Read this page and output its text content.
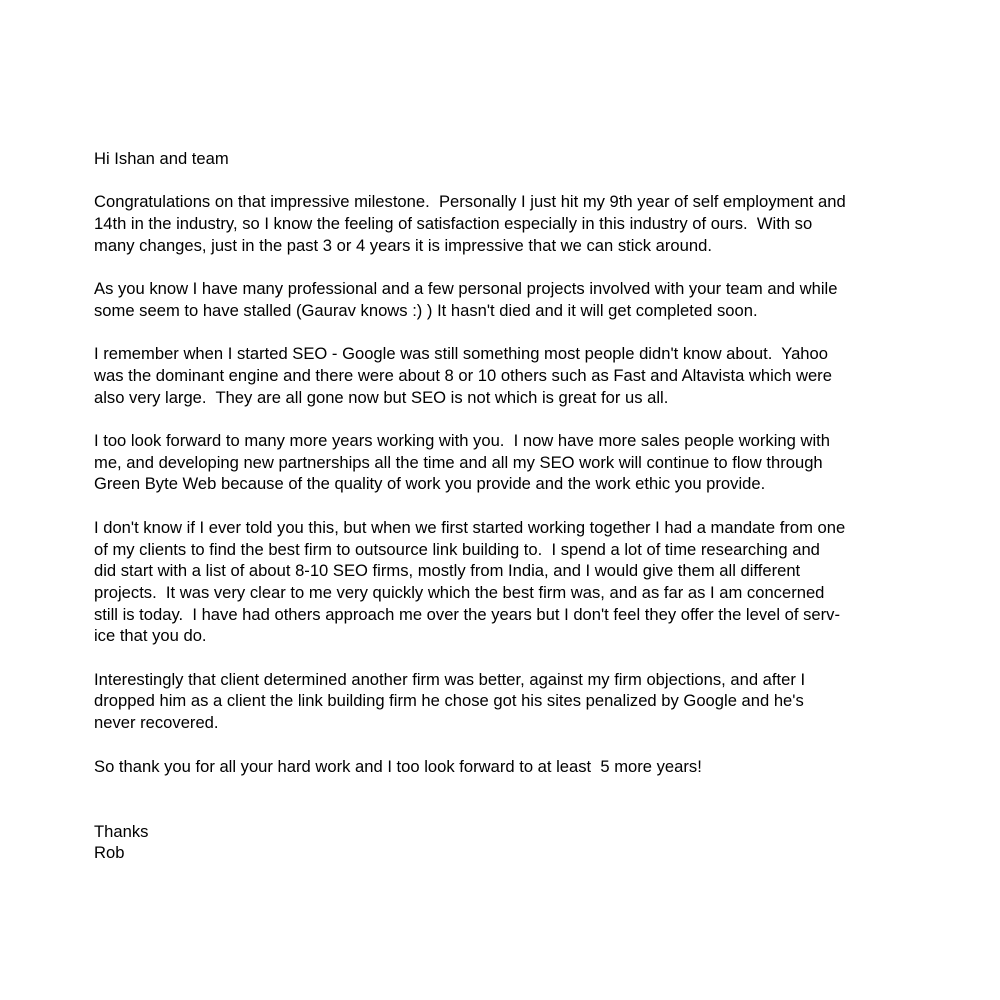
Hi Ishan and team
Congratulations on that impressive milestone.  Personally I just hit my 9th year of self employment and
14th in the industry, so I know the feeling of satisfaction especially in this industry of ours.  With so
many changes, just in the past 3 or 4 years it is impressive that we can stick around.
As you know I have many professional and a few personal projects involved with your team and while
some seem to have stalled (Gaurav knows :) ) It hasn't died and it will get completed soon.
I remember when I started SEO - Google was still something most people didn't know about.  Yahoo
was the dominant engine and there were about 8 or 10 others such as Fast and Altavista which were
also very large.  They are all gone now but SEO is not which is great for us all.
I too look forward to many more years working with you.  I now have more sales people working with
me, and developing new partnerships all the time and all my SEO work will continue to flow through
Green Byte Web because of the quality of work you provide and the work ethic you provide.
I don't know if I ever told you this, but when we first started working together I had a mandate from one
of my clients to find the best firm to outsource link building to.  I spend a lot of time researching and
did start with a list of about 8-10 SEO firms, mostly from India, and I would give them all different
projects.  It was very clear to me very quickly which the best firm was, and as far as I am concerned
still is today.  I have had others approach me over the years but I don't feel they offer the level of serv-
ice that you do.
Interestingly that client determined another firm was better, against my firm objections, and after I
dropped him as a client the link building firm he chose got his sites penalized by Google and he's
never recovered.
So thank you for all your hard work and I too look forward to at least  5 more years!
Thanks
Rob
